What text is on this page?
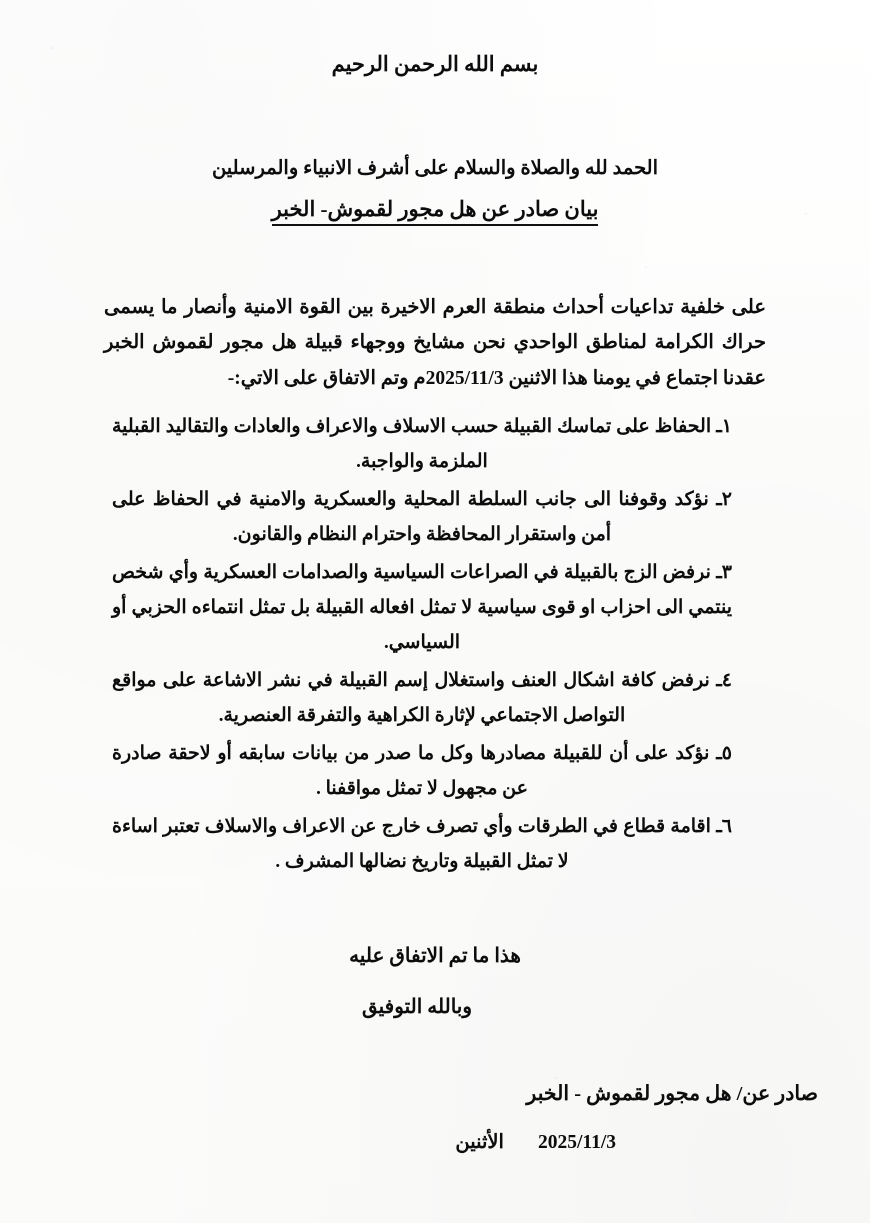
بسم الله الرحمن الرحيم
الحمد لله والصلاة والسلام على أشرف الانبياء والمرسلين
بيان صادر عن هل مجور لقموش- الخبر
على خلفية تداعيات أحداث منطقة العرم الاخيرة بين القوة الامنية وأنصار ما يسمى
حراك الكرامة لمناطق الواحدي نحن مشايخ ووجهاء قبيلة هل مجور لقموش الخبر
عقدنا اجتماع في يومنا هذا الاثنين 2025/11/3م وتم الاتفاق على الاتي:-
١ـ الحفاظ على تماسك القبيلة حسب الاسلاف والاعراف والعادات والتقاليد القبلية الملزمة والواجبة.
٢ـ نؤكد وقوفنا الى جانب السلطة المحلية والعسكرية والامنية في الحفاظ على أمن واستقرار المحافظة واحترام النظام والقانون.
٣ـ نرفض الزج بالقبيلة في الصراعات السياسية والصدامات العسكرية وأي شخص ينتمي الى احزاب او قوى سياسية لا تمثل افعاله القبيلة بل تمثل انتماءه الحزبي أو السياسي.
٤ـ نرفض كافة اشكال العنف واستغلال إسم القبيلة في نشر الاشاعة على مواقع التواصل الاجتماعي لإثارة الكراهية والتفرقة العنصرية.
٥ـ نؤكد على أن للقبيلة مصادرها وكل ما صدر من بيانات سابقه أو لاحقة صادرة عن مجهول لا تمثل مواقفنا .
٦ـ اقامة قطاع في الطرقات وأي تصرف خارج عن الاعراف والاسلاف تعتبر اساءة لا تمثل القبيلة وتاريخ نضالها المشرف .
هذا ما تم الاتفاق عليه
وبالله التوفيق
صادر عن/ هل مجور لقموش - الخبر
2025/11/3
الأثنين
